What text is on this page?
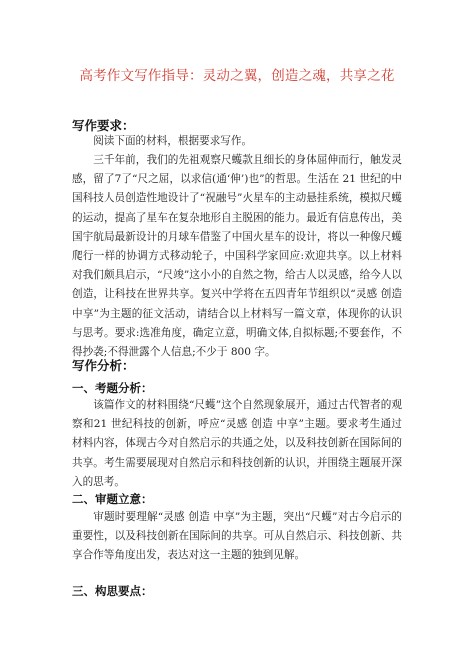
高考作文写作指导：灵动之翼，创造之魂，共享之花
写作要求：

阅读下面的材料，根据要求写作。

三千年前，我们的先祖观察尺蠖款且细长的身体屈伸而行，触发灵感，留了7了“尺之屈，以求信(通‘伸’)也”的哲思。生活在 21 世纪的中国科技人员创造性地设计了“祝融号”火星车的主动悬挂系统，模拟尺蠖的运动，提高了星车在复杂地形自主脱困的能力。最近有信息传出，美国宇航局最新设计的月球车借鉴了中国火星车的设计，将以一种像尺蠖爬行一样的协调方式移动轮子，中国科学家回应:欢迎共享。以上材料对我们颇具启示，“尺竣”这小小的自然之物，给古人以灵感，给今人以创造，让科技在世界共享。复兴中学将在五四青年节组织以“灵感 创造 中享”为主题的征文活动，请结合以上材料写一篇文章，体现你的认识与思考。要求:选准角度，确定立意，明确文体,自拟标题;不要套作，不得抄袭;不得泄露个人信息;不少于 800 字。

写作分析：
一、考题分析：

该篇作文的材料围绕“尺蠖”这个自然现象展开，通过古代智者的观察和21 世纪科技的创新，呼应“灵感 创造 中享”主题。要求考生通过材料内容，体现古今对自然启示的共通之处，以及科技创新在国际间的共享。考生需要展现对自然启示和科技创新的认识，并围绕主题展开深入的思考。

二、审题立意：

审题时要理解“灵感 创造 中享”为主题，突出“尺蠖”对古今启示的重要性，以及科技创新在国际间的共享。可从自然启示、科技创新、共享合作等角度出发，表达对这一主题的独到见解。

三、构思要点：
